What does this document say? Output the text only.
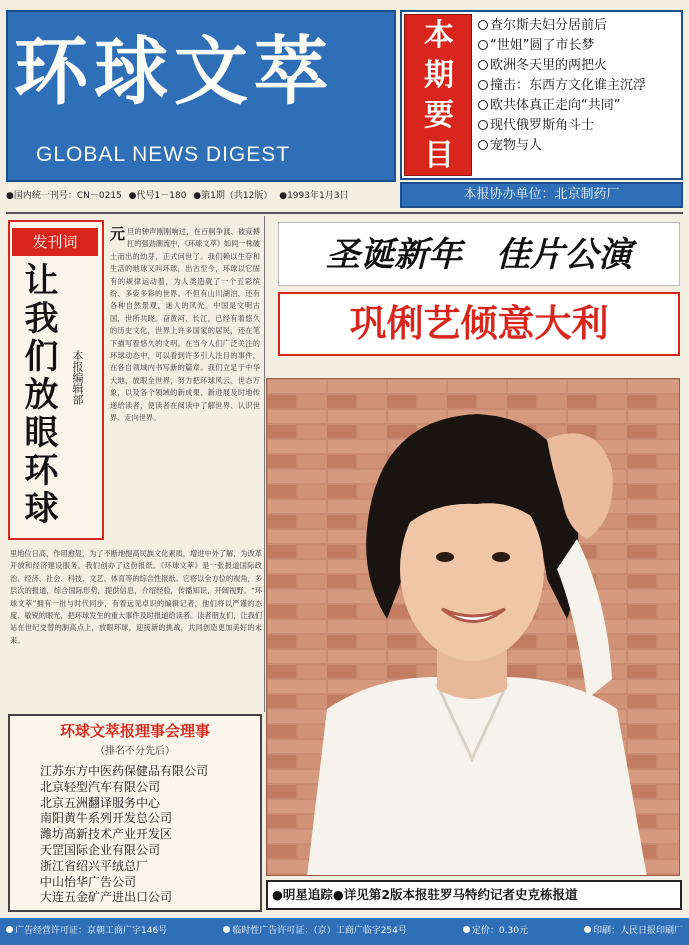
环球文萃
GLOBAL NEWS DIGEST
●国内统一刊号：CN－0215 ●代号1－180 ●第1期（共12版） ●1993年1月3日
本
期
要
目
查尔斯夫妇分居前后
“世姐”圆了市长梦
欧洲冬天里的两把火
撞击：东西方文化谁主沉浮
欧共体真正走向“共同”
现代俄罗斯角斗士
宠物与人
本报协办单位：北京制药厂
发刊词
让我们放眼环球	本报编辑部
元旦的钟声刚刚响过，在百舸争渡、彼竞搏扛的强劲潮流中，《环球文萃》如同一株破土而出的幼芽，正式问世了。我们赖以生存和生活的地球又叫环球，出古至今，环球以它固有的规律运动着，为人类造就了一个五彩缤纷、多姿多彩的世界。不但有山川湖泊，还有各种自然景观，迷人的风光。中国是文明古国，世所共晓。奋黄河、长江，已经有着悠久的历史文化，世界上许多国家的居民，还在笔下描写着悠久的文明。在当今人们广泛关注的环球动态中，可以看到许多引人注目的事件，在各自领域内书写新的篇章。我们立足于中华大地，放眼全世界，努力把环球风云、世态万象，以及各个领域的新成果、新进展及时地传递给读者，使读者在阅读中了解世界、认识世界、走向世界。
里地位日高，作用愈显，为了不断地提高民族文化素质，增进中外了解，为改革开放和经济建设服务，我们创办了这份报纸。《环球文萃》是一张报道国际政治、经济、社会、科技、文艺、体育等的综合性报纸。它将以全方位的视角，多层次的报道，综合国际形势，提供信息，介绍经验，传播知识，开阔视野。“环球文萃”拥有一批与时代同步，有着远见卓识的编辑记者，他们将以严谨的态度、敏锐的眼光，把环球发生的重大事件及时报道给读者。读者朋友们，让我们站在世纪交替的制高点上，放眼环球，迎接新的挑战，共同创造更加美好的未来。
环球文萃报理事会理事
（排名不分先后）
江苏东方中医药保健品有限公司
北京轻型汽车有限公司
北京五洲翻译服务中心
南阳黄牛系列开发总公司
潍坊高新技术产业开发区
天罡国际企业有限公司
浙江省绍兴平绒总厂
中山怡华广告公司
大连五金矿产进出口公司
圣诞新年　佳片公演
巩俐艺倾意大利
●明星追踪●详见第2版本报驻罗马特约记者史克栋报道
广告经营许可证：京朝工商广字146号	临时性广告许可证：（京）工商广临字254号	定价：0.30元	印刷：人民日报印刷厂
